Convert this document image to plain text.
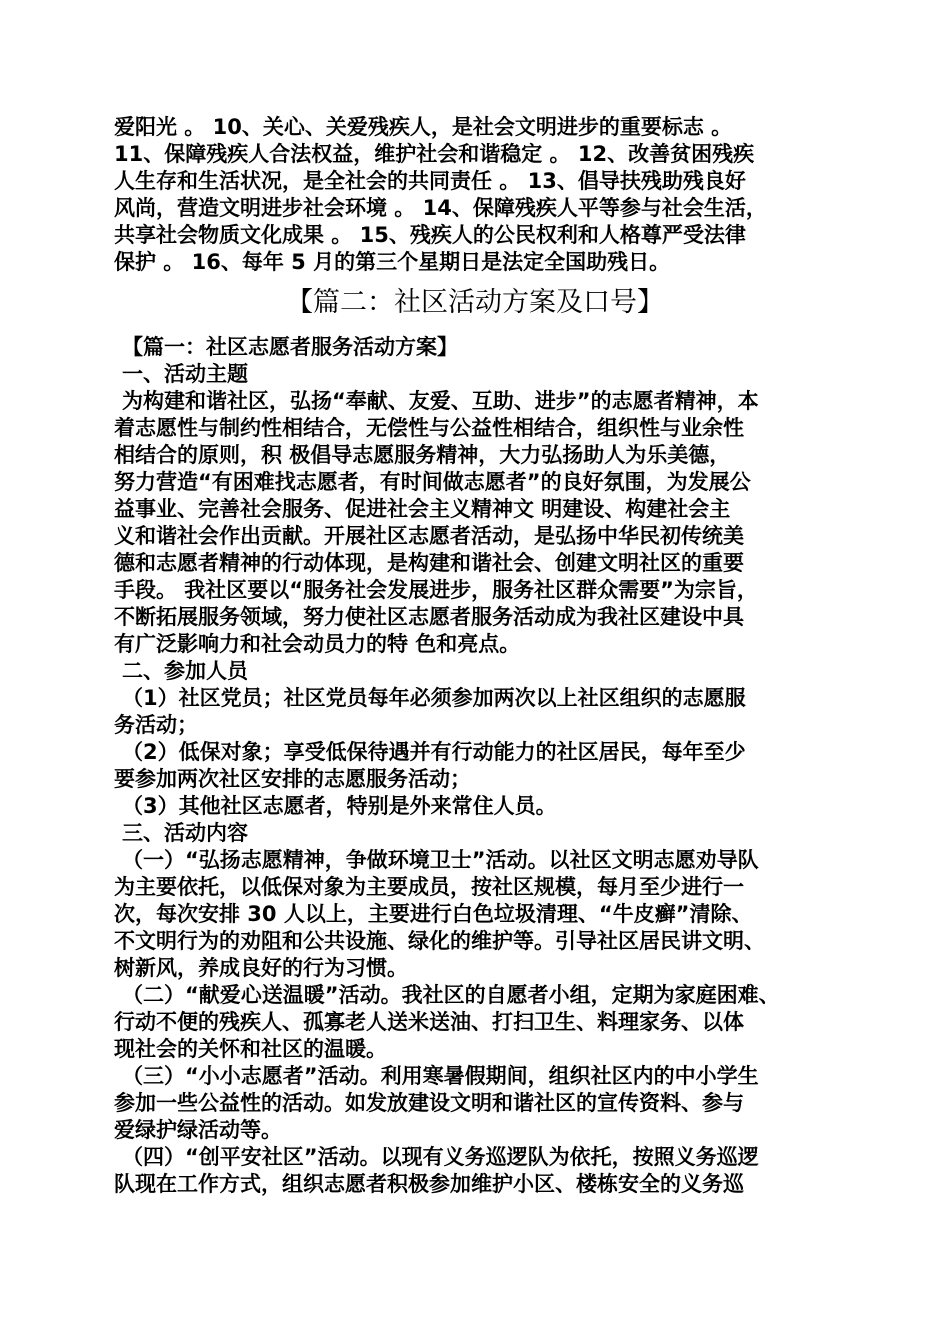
爱阳光 。 10、关心、关爱残疾人，是社会文明进步的重要标志 。
11、保障残疾人合法权益，维护社会和谐稳定 。 12、改善贫困残疾
人生存和生活状况，是全社会的共同责任 。 13、倡导扶残助残良好
风尚，营造文明进步社会环境 。 14、保障残疾人平等参与社会生活，
共享社会物质文化成果 。 15、残疾人的公民权利和人格尊严受法律
保护 。 16、每年 5 月的第三个星期日是法定全国助残日。
【篇二：社区活动方案及口号】
【篇一：社区志愿者服务活动方案】
一、活动主题
为构建和谐社区，弘扬“奉献、友爱、互助、进步”的志愿者精神，本
着志愿性与制约性相结合，无偿性与公益性相结合，组织性与业余性
相结合的原则，积 极倡导志愿服务精神，大力弘扬助人为乐美德，
努力营造“有困难找志愿者，有时间做志愿者”的良好氛围，为发展公
益事业、完善社会服务、促进社会主义精神文 明建设、构建社会主
义和谐社会作出贡献。开展社区志愿者活动，是弘扬中华民初传统美
德和志愿者精神的行动体现，是构建和谐社会、创建文明社区的重要
手段。 我社区要以“服务社会发展进步，服务社区群众需要”为宗旨，
不断拓展服务领域，努力使社区志愿者服务活动成为我社区建设中具
有广泛影响力和社会动员力的特 色和亮点。
二、参加人员
（1）社区党员；社区党员每年必须参加两次以上社区组织的志愿服
务活动；
（2）低保对象；享受低保待遇并有行动能力的社区居民，每年至少
要参加两次社区安排的志愿服务活动；
（3）其他社区志愿者，特别是外来常住人员。
三、活动内容
（一）“弘扬志愿精神，争做环境卫士”活动。以社区文明志愿劝导队
为主要依托，以低保对象为主要成员，按社区规模，每月至少进行一
次，每次安排 30 人以上，主要进行白色垃圾清理、“牛皮癣”清除、
不文明行为的劝阻和公共设施、绿化的维护等。引导社区居民讲文明、
树新风，养成良好的行为习惯。
（二）“献爱心送温暖”活动。我社区的自愿者小组，定期为家庭困难、
行动不便的残疾人、孤寡老人送米送油、打扫卫生、料理家务、以体
现社会的关怀和社区的温暖。
（三）“小小志愿者”活动。利用寒暑假期间，组织社区内的中小学生
参加一些公益性的活动。如发放建设文明和谐社区的宣传资料、参与
爱绿护绿活动等。
（四）“创平安社区”活动。以现有义务巡逻队为依托，按照义务巡逻
队现在工作方式，组织志愿者积极参加维护小区、楼栋安全的义务巡
